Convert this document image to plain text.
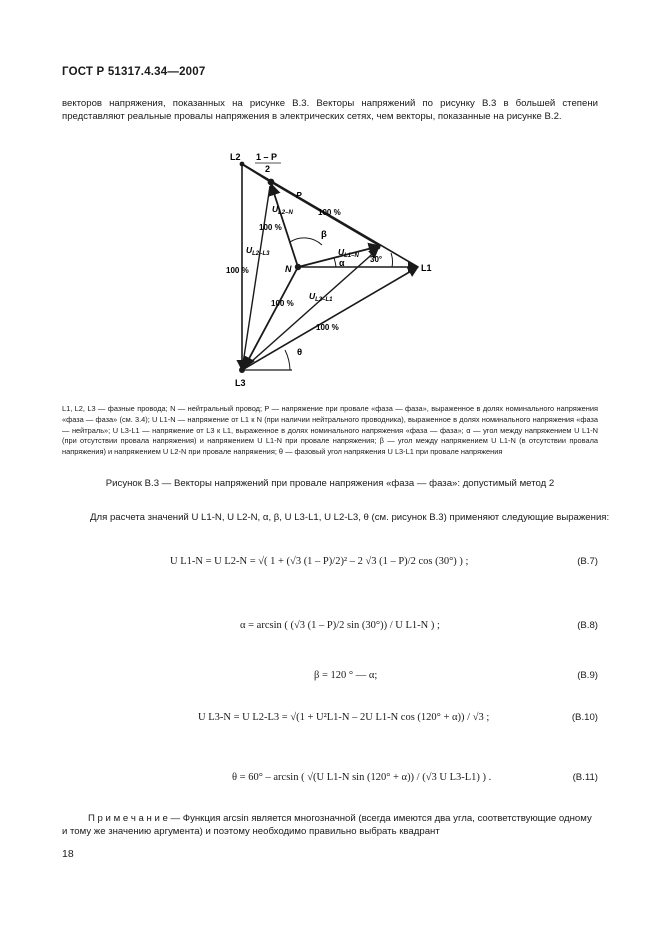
ГОСТ Р 51317.4.34—2007
векторов напряжения, показанных на рисунке В.3. Векторы напряжений по рисунку В.3 в большей степени представляют реальные провалы напряжения в электрических сетях, чем векторы, показанные на рисунке В.2.
L2 1 – P
2
P
100 %
$U_{L2-N}$
100 %
$U_{L2-L3}$
100 %
β
$U_{L1-N}$
α	30°
N	L1
$U_{L3-L1}$
100 %
100 %
θ
L3
L1, L2, L3 — фазные провода; N — нейтральный провод; P — напряжение при провале «фаза — фаза», выраженное в долях номинального напряжения «фаза — фаза» (см. 3.4); U L1-N — напряжение от L1 к N (при наличии нейтрального проводника), выраженное в долях номинального напряжения «фаза — нейтраль»; U L3-L1 — напряжение от L3 к L1, выраженное в долях номинального напряжения «фаза — фаза»; α — угол между напряжением U L1-N (при отсутствии провала напряжения) и напряжением U L1-N при провале напряжения; β — угол между напряжением U L1-N (в отсутствии провала напряжения) и напряжением U L2-N при провале напряжения; θ — фазовый угол напряжения U L3-L1 при провале напряжения
Рисунок В.3 — Векторы напряжений при провале напряжения «фаза — фаза»: допустимый метод 2
Для расчета значений U L1-N, U L2-N, α, β, U L3-L1, U L2-L3, θ (см. рисунок В.3) применяют следующие выражения:
U L1-N = U L2-N = √( 1 + (√3 (1 – P)/2)² – 2 √3 (1 – P)/2 cos (30°) ) ;	(В.7)
α = arcsin ( (√3 (1 – P)/2 sin (30°)) / U L1-N ) ;	(В.8)
β = 120 ° — α;	(В.9)
U L3-N = U L2-L3 = √(1 + U²L1-N – 2U L1-N cos (120° + α)) / √3 ;	(В.10)
θ = 60° – arcsin ( √(U L1-N sin (120° + α)) / (√3 U L3-L1) ) .	(В.11)
П р и м е ч а н и е — Функция arcsin является многозначной (всегда имеются два угла, соответствующие одному и тому же значению аргумента) и поэтому необходимо правильно выбрать квадрант
18
